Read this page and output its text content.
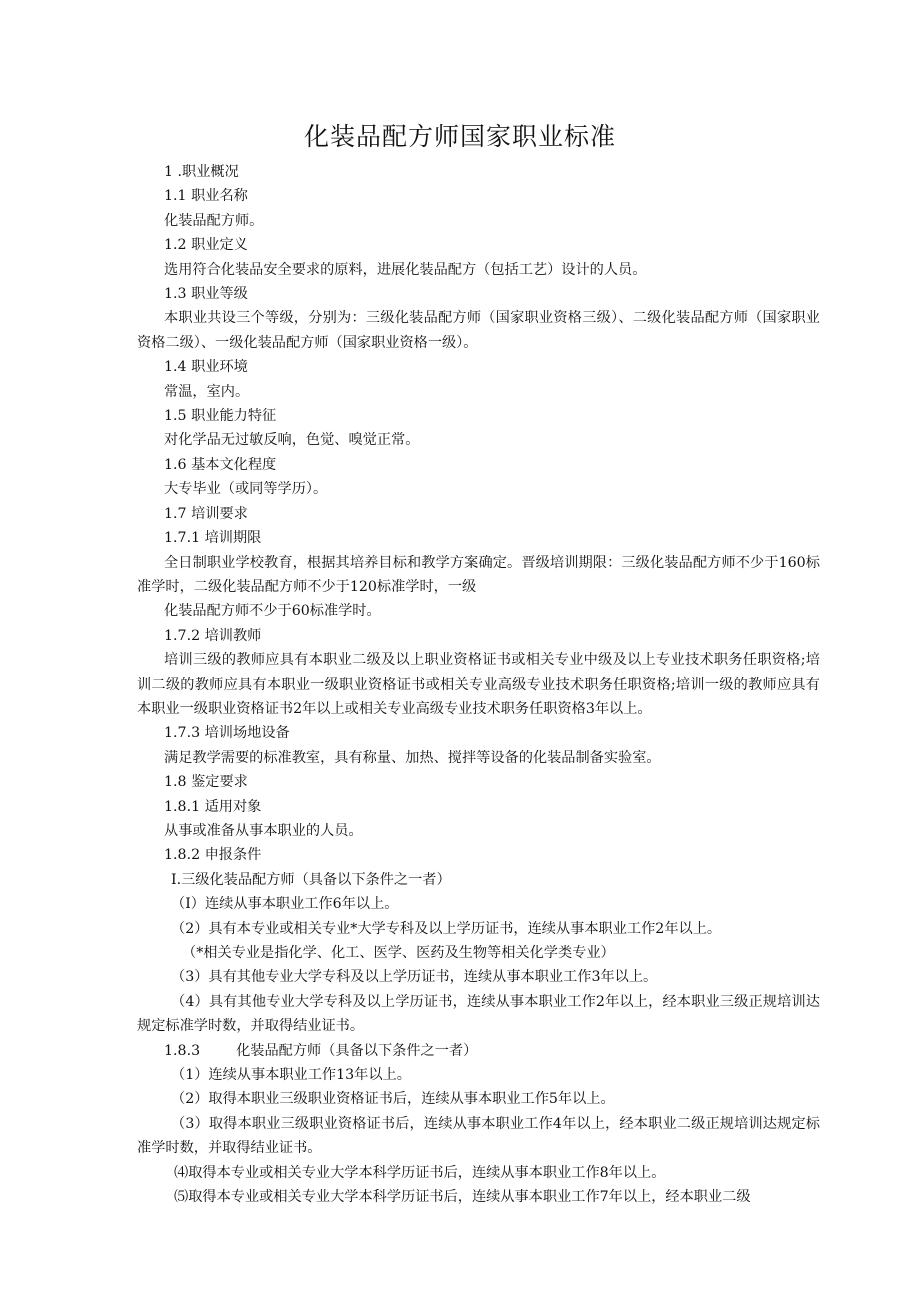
化装品配方师国家职业标准

1 .职业概况

1.1 职业名称

化装品配方师。

1.2 职业定义

选用符合化装品安全要求的原料，进展化装品配方（包括工艺）设计的人员。

1.3 职业等级

本职业共设三个等级，分别为：三级化装品配方师（国家职业资格三级）、二级化装品配方师（国家职业资格二级）、一级化装品配方师（国家职业资格一级）。

1.4 职业环境

常温，室内。

1.5 职业能力特征

对化学品无过敏反响，色觉、嗅觉正常。

1.6 基本文化程度

大专毕业（或同等学历）。

1.7 培训要求

1.7.1 培训期限

全日制职业学校教育，根据其培养目标和教学方案确定。晋级培训期限：三级化装品配方师不少于160标准学时，二级化装品配方师不少于120标准学时，一级

化装品配方师不少于60标准学时。

1.7.2 培训教师

培训三级的教师应具有本职业二级及以上职业资格证书或相关专业中级及以上专业技术职务任职资格;培训二级的教师应具有本职业一级职业资格证书或相关专业高级专业技术职务任职资格;培训一级的教师应具有本职业一级职业资格证书2年以上或相关专业高级专业技术职务任职资格3年以上。

1.7.3 培训场地设备

满足教学需要的标准教室，具有称量、加热、搅拌等设备的化装品制备实验室。

1.8 鉴定要求

1.8.1 适用对象

从事或准备从事本职业的人员。

1.8.2 申报条件

I.三级化装品配方师（具备以下条件之一者）

（I）连续从事本职业工作6年以上。

（2）具有本专业或相关专业*大学专科及以上学历证书，连续从事本职业工作2年以上。

（*相关专业是指化学、化工、医学、医药及生物等相关化学类专业）

（3）具有其他专业大学专科及以上学历证书，连续从事本职业工作3年以上。

（4）具有其他专业大学专科及以上学历证书，连续从事本职业工作2年以上，经本职业三级正规培训达规定标准学时数，并取得结业证书。

1.8.3	化装品配方师（具备以下条件之一者）

（1）连续从事本职业工作13年以上。

（2）取得本职业三级职业资格证书后，连续从事本职业工作5年以上。

（3）取得本职业三级职业资格证书后，连续从事本职业工作4年以上，经本职业二级正规培训达规定标准学时数，并取得结业证书。

⑷取得本专业或相关专业大学本科学历证书后，连续从事本职业工作8年以上。

⑸取得本专业或相关专业大学本科学历证书后，连续从事本职业工作7年以上，经本职业二级
